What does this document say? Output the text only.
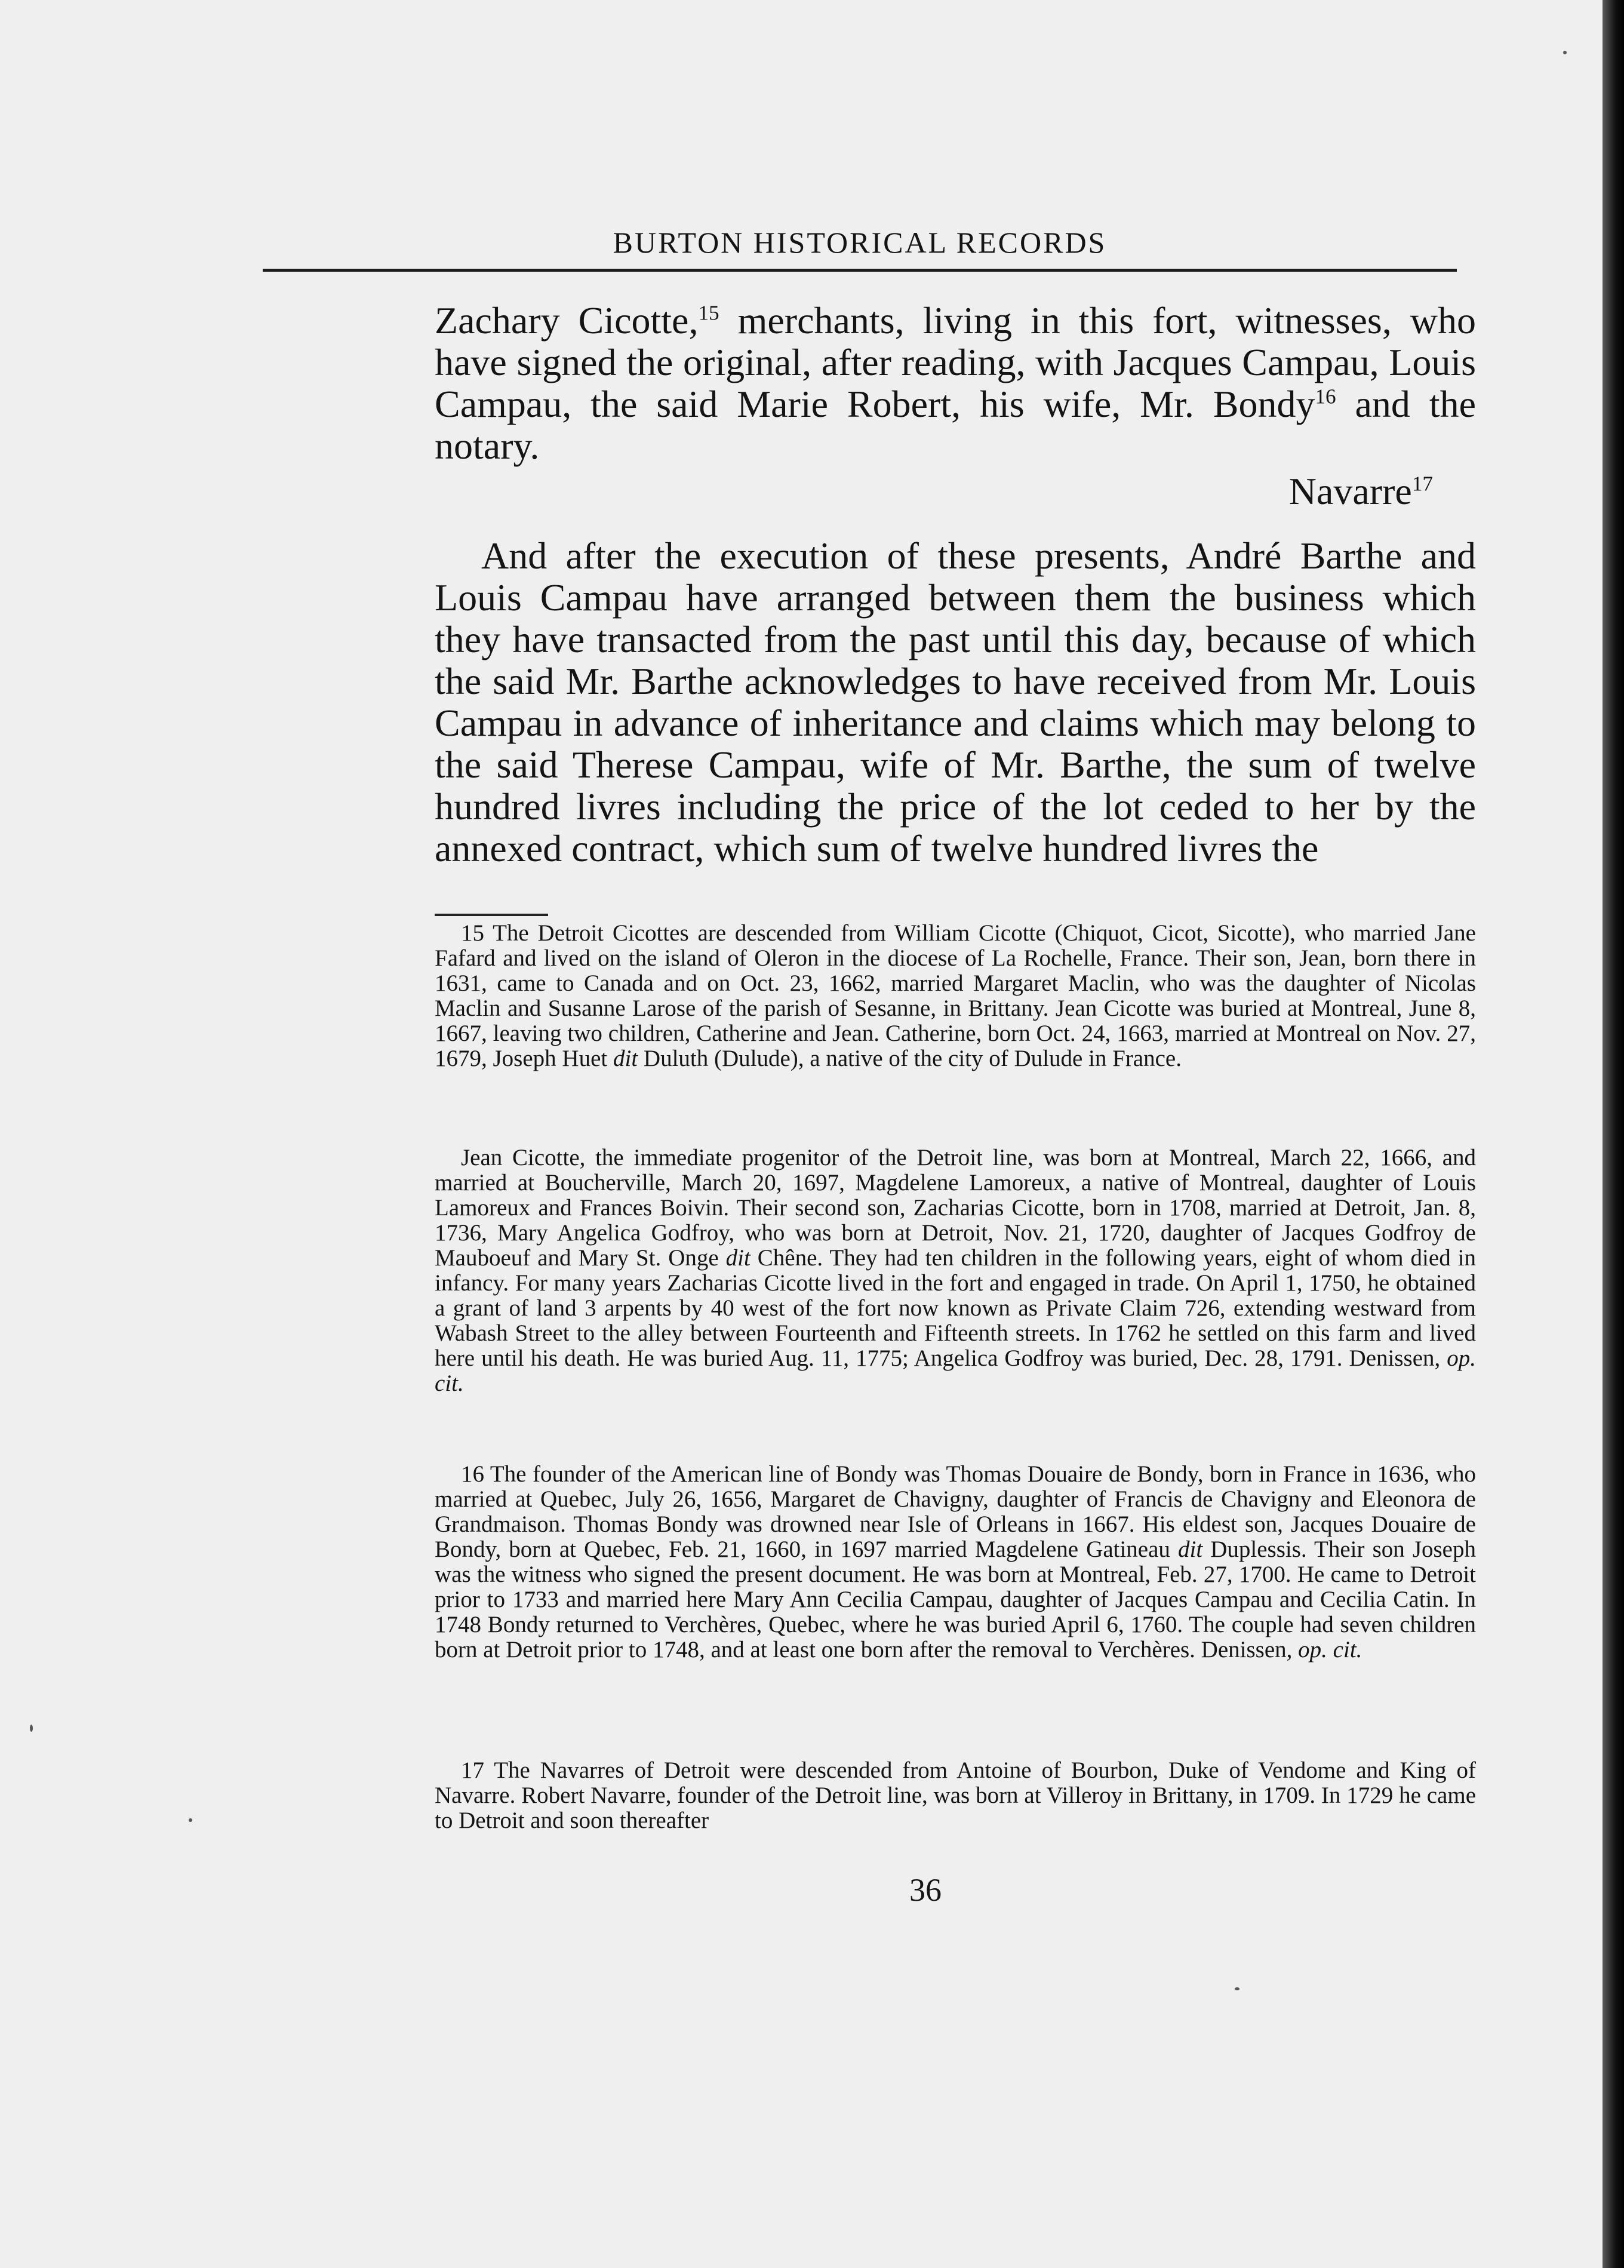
BURTON HISTORICAL RECORDS

Zachary Cicotte,$^{15}$ merchants, living in this fort, witnesses, who have signed the original, after reading, with Jacques Campau, Louis Campau, the said Marie Robert, his wife, Mr. Bondy$^{16}$ and the notary.

Navarre$^{17}$

And after the execution of these presents, André Barthe and Louis Campau have arranged between them the business which they have transacted from the past until this day, because of which the said Mr. Barthe acknowledges to have received from Mr. Louis Campau in advance of inheritance and claims which may belong to the said Therese Campau, wife of Mr. Barthe, the sum of twelve hundred livres including the price of the lot ceded to her by the annexed contract, which sum of twelve hundred livres the

15 The Detroit Cicottes are descended from William Cicotte (Chiquot, Cicot, Sicotte), who married Jane Fafard and lived on the island of Oleron in the diocese of La Rochelle, France. Their son, Jean, born there in 1631, came to Canada and on Oct. 23, 1662, married Margaret Maclin, who was the daughter of Nicolas Maclin and Susanne Larose of the parish of Sesanne, in Brittany. Jean Cicotte was buried at Montreal, June 8, 1667, leaving two children, Catherine and Jean. Catherine, born Oct. 24, 1663, married at Montreal on Nov. 27, 1679, Joseph Huet dit Duluth (Dulude), a native of the city of Dulude in France.

Jean Cicotte, the immediate progenitor of the Detroit line, was born at Montreal, March 22, 1666, and married at Boucherville, March 20, 1697, Magdelene Lamoreux, a native of Montreal, daughter of Louis Lamoreux and Frances Boivin. Their second son, Zacharias Cicotte, born in 1708, married at Detroit, Jan. 8, 1736, Mary Angelica Godfroy, who was born at Detroit, Nov. 21, 1720, daughter of Jacques Godfroy de Mauboeuf and Mary St. Onge dit Chêne. They had ten children in the following years, eight of whom died in infancy. For many years Zacharias Cicotte lived in the fort and engaged in trade. On April 1, 1750, he obtained a grant of land 3 arpents by 40 west of the fort now known as Private Claim 726, extending westward from Wabash Street to the alley between Fourteenth and Fifteenth streets. In 1762 he settled on this farm and lived here until his death. He was buried Aug. 11, 1775; Angelica Godfroy was buried, Dec. 28, 1791. Denissen, op. cit.

16 The founder of the American line of Bondy was Thomas Douaire de Bondy, born in France in 1636, who married at Quebec, July 26, 1656, Margaret de Chavigny, daughter of Francis de Chavigny and Eleonora de Grandmaison. Thomas Bondy was drowned near Isle of Orleans in 1667. His eldest son, Jacques Douaire de Bondy, born at Quebec, Feb. 21, 1660, in 1697 married Magdelene Gatineau dit Duplessis. Their son Joseph was the witness who signed the present document. He was born at Montreal, Feb. 27, 1700. He came to Detroit prior to 1733 and married here Mary Ann Cecilia Campau, daughter of Jacques Campau and Cecilia Catin. In 1748 Bondy returned to Verchères, Quebec, where he was buried April 6, 1760. The couple had seven children born at Detroit prior to 1748, and at least one born after the removal to Verchères. Denissen, op. cit.

17 The Navarres of Detroit were descended from Antoine of Bourbon, Duke of Vendome and King of Navarre. Robert Navarre, founder of the Detroit line, was born at Villeroy in Brittany, in 1709. In 1729 he came to Detroit and soon thereafter

36
